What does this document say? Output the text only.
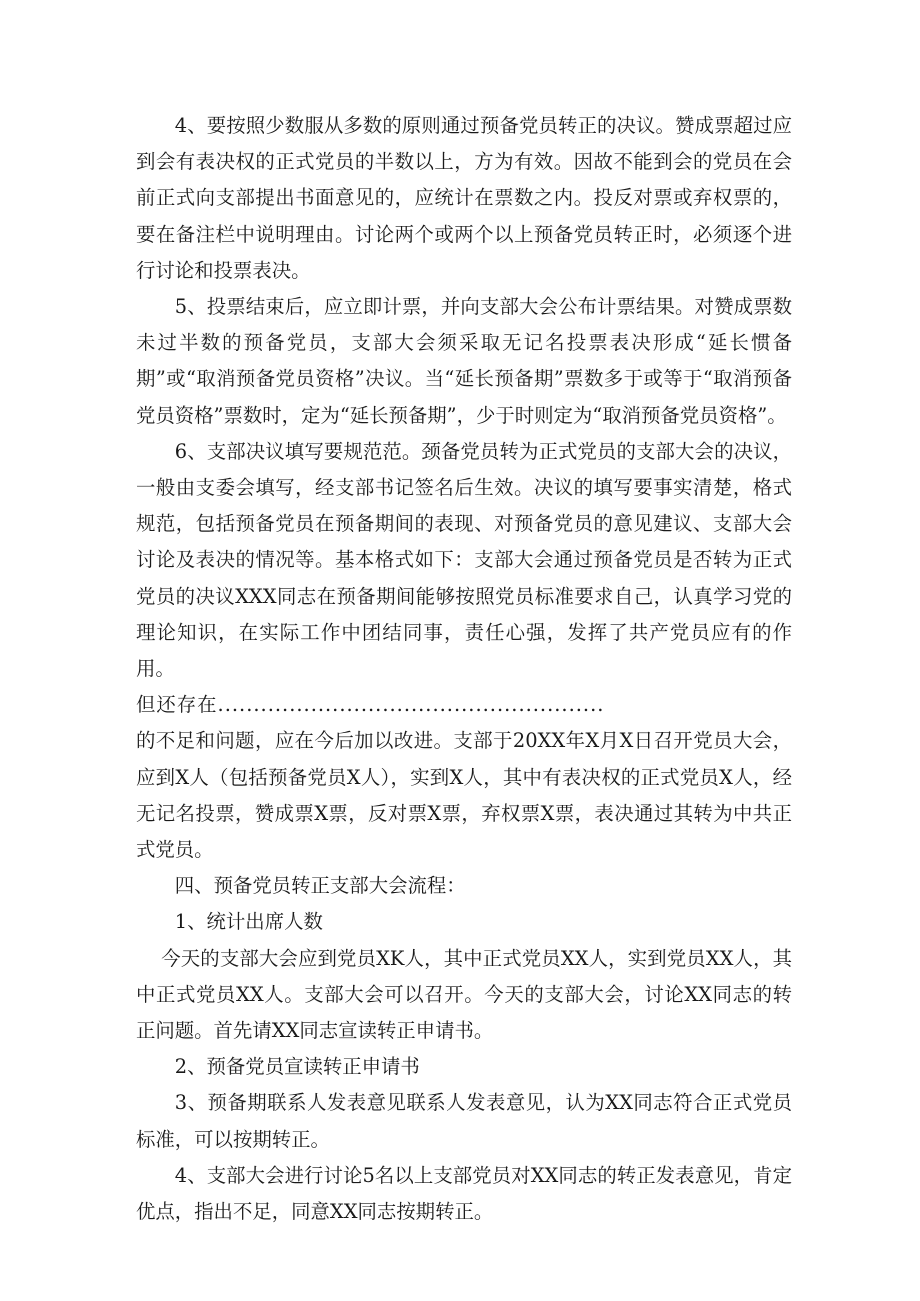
4、要按照少数服从多数的原则通过预备党员转正的决议。赞成票超过应到会有表决权的正式党员的半数以上，方为有效。因故不能到会的党员在会前正式向支部提出书面意见的，应统计在票数之内。投反对票或弃权票的，要在备注栏中说明理由。讨论两个或两个以上预备党员转正时，必须逐个进行讨论和投票表决。

5、投票结束后，应立即计票，并向支部大会公布计票结果。对赞成票数未过半数的预备党员，支部大会须采取无记名投票表决形成“延长惯备期”或“取消预备党员资格”决议。当“延长预备期”票数多于或等于“取消预备党员资格”票数时，定为“延长预备期”，少于时则定为“取消预备党员资格”。

6、支部决议填写要规范范。颈备党员转为正式党员的支部大会的决议，一般由支委会填写，经支部书记签名后生效。决议的填写要事实清楚，格式规范，包括预备党员在预备期间的表现、对预备党员的意见建议、支部大会讨论及表决的情况等。基本格式如下：支部大会通过预备党员是否转为正式党员的决议XXX同志在预备期间能够按照党员标准要求自己，认真学习党的理论知识，在实际工作中团结同事，责任心强，发挥了共产党员应有的作用。

但还存在......................................................

的不足和问题，应在今后加以改进。支部于20XX年X月X日召开党员大会，应到X人（包括预备党员X人），实到X人，其中有表决权的正式党员X人，经无记名投票，赞成票X票，反对票X票，弃权票X票，表决通过其转为中共正式党员。

四、预备党员转正支部大会流程：

1、统计出席人数

今天的支部大会应到党员XK人，其中正式党员XX人，实到党员XX人，其中正式党员XX人。支部大会可以召开。今天的支部大会，讨论XX同志的转正问题。首先请XX同志宣读转正申请书。

2、预备党员宣读转正申请书

3、预备期联系人发表意见联系人发表意见，认为XX同志符合正式党员标准，可以按期转正。

4、支部大会进行讨论5名以上支部党员对XX同志的转正发表意见，肯定优点，指出不足，同意XX同志按期转正。
